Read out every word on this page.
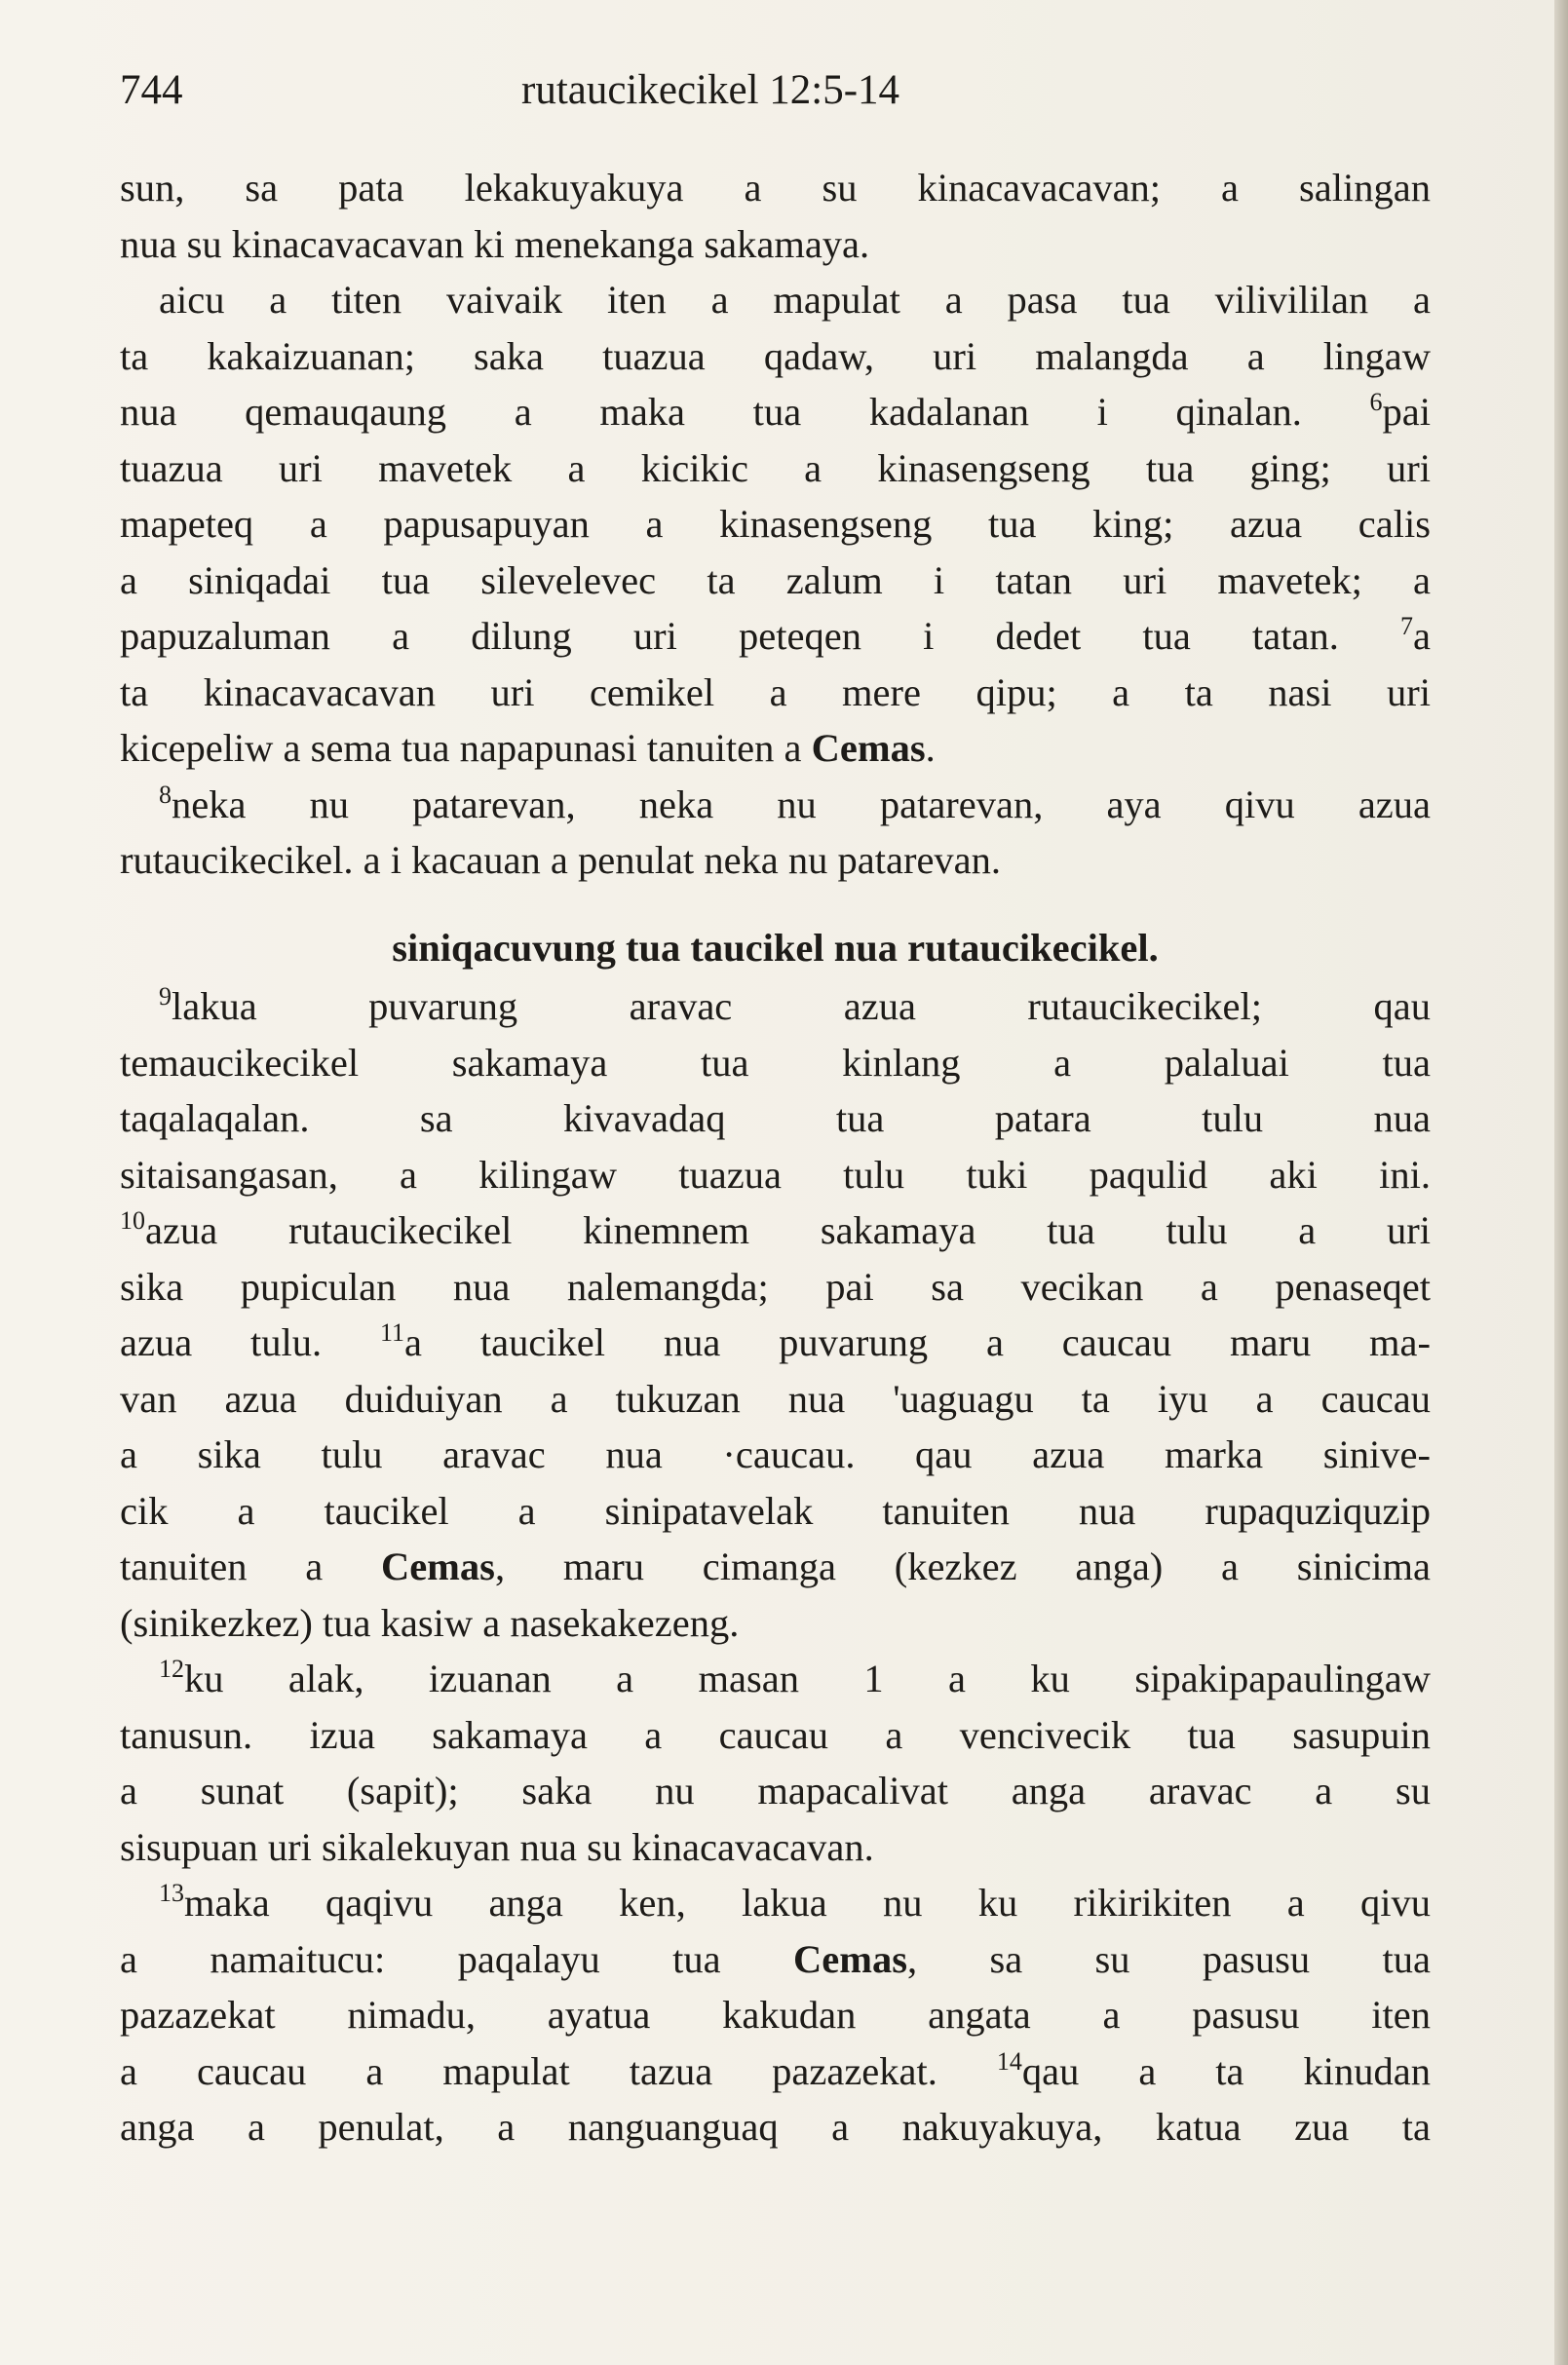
744	rutaucikecikel 12:5-14
sun, sa pata lekakuyakuya a su kinacavacavan; a salingan
nua su kinacavacavan ki menekanga sakamaya.
aicu a titen vaivaik iten a mapulat a pasa tua vilivililan a
ta kakaizuanan; saka tuazua qadaw, uri malangda a lingaw
nua qemauqaung a maka tua kadalanan i qinalan.	$^6$pai
tuazua uri mavetek a kicikic a kinasengseng tua ging; uri
mapeteq a papusapuyan a kinasengseng tua king; azua calis
a siniqadai tua silevelevec ta zalum i tatan uri mavetek; a
papuzaluman a dilung uri peteqen i dedet tua tatan. $^7$a
ta kinacavacavan uri cemikel a mere qipu; a ta nasi uri
kicepeliw a sema tua napapunasi tanuiten a Cemas.
$^8$neka nu patarevan, neka nu patarevan, aya qivu azua
rutaucikecikel. a i kacauan a penulat neka nu patarevan.
siniqacuvung tua taucikel nua rutaucikecikel.
$^9$lakua puvarung aravac azua rutaucikecikel; qau
temaucikecikel sakamaya tua kinlang a palaluai tua
taqalaqalan. sa kivavadaq tua patara tulu nua
sitaisangasan, a kilingaw tuazua tulu tuki paqulid aki ini.
$^{10}$azua rutaucikecikel kinemnem sakamaya tua tulu a uri
sika pupiculan nua nalemangda; pai sa vecikan a penaseqet
azua tulu. $^{11}$a taucikel nua puvarung a caucau maru ma-
van azua duiduiyan a tukuzan nua 'uaguagu ta iyu a caucau
a sika tulu aravac nua ·caucau. qau azua marka sinive-
cik a taucikel a sinipatavelak tanuiten nua rupaquziquzip
tanuiten a Cemas, maru cimanga (kezkez anga) a sinicima
(sinikezkez) tua kasiw a nasekakezeng.
$^{12}$ku alak, izuanan a masan 1 a ku sipakipapaulingaw
tanusun. izua sakamaya a caucau a vencivecik tua sasupuin
a sunat (sapit); saka nu mapacalivat anga aravac a su
sisupuan uri sikalekuyan nua su kinacavacavan.
$^{13}$maka qaqivu anga ken, lakua nu ku rikirikiten a qivu
a namaitucu: paqalayu tua Cemas, sa su pasusu tua
pazazekat nimadu, ayatua kakudan angata a pasusu iten
a caucau a mapulat tazua pazazekat. $^{14}$qau a ta kinudan
anga a penulat, a nanguanguaq a nakuyakuya, katua zua ta
